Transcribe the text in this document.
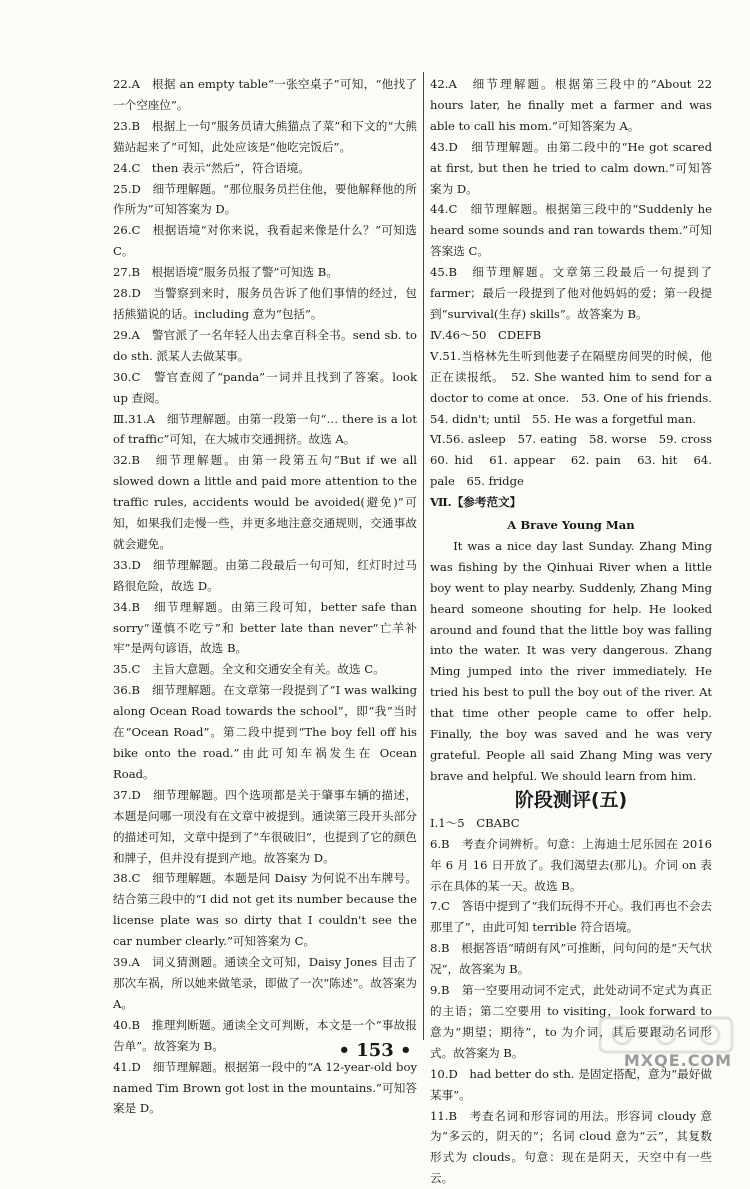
22.A　根据 an empty table“一张空桌子”可知，“他找了一个空座位”。

23.B　根据上一句“服务员请大熊猫点了菜”和下文的“大熊猫站起来了”可知，此处应该是“他吃完饭后”。

24.C　then 表示“然后”，符合语境。

25.D　细节理解题。“那位服务员拦住他，要他解释他的所作所为”可知答案为 D。

26.C　根据语境“对你来说，我看起来像是什么？”可知选 C。

27.B　根据语境“服务员报了警”可知选 B。

28.D　当警察到来时，服务员告诉了他们事情的经过，包括熊猫说的话。including 意为“包括”。

29.A　警官派了一名年轻人出去拿百科全书。send sb. to do sth. 派某人去做某事。

30.C　警官查阅了“panda”一词并且找到了答案。look up 查阅。

Ⅲ.31.A　细节理解题。由第一段第一句“… there is a lot of traffic”可知，在大城市交通拥挤。故选 A。

32.B　细节理解题。由第一段第五句“But if we all slowed down a little and paid more attention to the traffic rules, accidents would be avoided(避免)”可知，如果我们走慢一些，并更多地注意交通规则，交通事故就会避免。

33.D　细节理解题。由第二段最后一句可知，红灯时过马路很危险，故选 D。

34.B　细节理解题。由第三段可知，better safe than sorry“谨慎不吃亏”和 better late than never“亡羊补牢”是两句谚语，故选 B。

35.C　主旨大意题。全文和交通安全有关。故选 C。

36.B　细节理解题。在文章第一段提到了“I was walking along Ocean Road towards the school”，即“我”当时在“Ocean Road”。第二段中提到“The boy fell off his bike onto the road.”由此可知车祸发生在 Ocean Road。

37.D　细节理解题。四个选项都是关于肇事车辆的描述，本题是问哪一项没有在文章中被提到。通读第三段开头部分的描述可知，文章中提到了“车很破旧”，也提到了它的颜色和牌子，但并没有提到产地。故答案为 D。

38.C　细节理解题。本题是问 Daisy 为何说不出车牌号。结合第三段中的“I did not get its number because the license plate was so dirty that I couldn't see the car number clearly.”可知答案为 C。

39.A　词义猜测题。通读全文可知，Daisy Jones 目击了那次车祸，所以她来做笔录，即做了一次“陈述”。故答案为 A。

40.B　推理判断题。通读全文可判断，本文是一个“事故报告单”。故答案为 B。

41.D　细节理解题。根据第一段中的“A 12-year-old boy named Tim Brown got lost in the mountains.”可知答案是 D。

42.A　细节理解题。根据第三段中的“About 22 hours later, he finally met a farmer and was able to call his mom.”可知答案为 A。

43.D　细节理解题。由第二段中的“He got scared at first, but then he tried to calm down.”可知答案为 D。

44.C　细节理解题。根据第三段中的“Suddenly he heard some sounds and ran towards them.”可知答案选 C。

45.B　细节理解题。文章第三段最后一句提到了 farmer；最后一段提到了他对他妈妈的爱；第一段提到“survival(生存) skills”。故答案为 B。

Ⅳ.46～50　CDEFB

Ⅴ.51.当格林先生听到他妻子在隔壁房间哭的时候，他正在读报纸。　52. She wanted him to send for a doctor to come at once.　53. One of his friends.　54. didn't; until　55. He was a forgetful man.

Ⅵ.56. asleep　57. eating　58. worse　59. cross　60. hid　61. appear　62. pain　63. hit　64. pale　65. fridge

Ⅶ.【参考范文】

A Brave Young Man

It was a nice day last Sunday. Zhang Ming was fishing by the Qinhuai River when a little boy went to play nearby. Suddenly, Zhang Ming heard someone shouting for help. He looked around and found that the little boy was falling into the water. It was very dangerous. Zhang Ming jumped into the river immediately. He tried his best to pull the boy out of the river. At that time other people came to offer help. Finally, the boy was saved and he was very grateful. People all said Zhang Ming was very brave and helpful. We should learn from him.

阶段测评(五)

Ⅰ.1～5　CBABC

6.B　考查介词辨析。句意：上海迪士尼乐园在 2016 年 6 月 16 日开放了。我们渴望去(那儿)。介词 on 表示在具体的某一天。故选 B。

7.C　答语中提到了“我们玩得不开心。我们再也不会去那里了”，由此可知 terrible 符合语境。

8.B　根据答语“晴朗有风”可推断，问句问的是“天气状况”，故答案为 B。

9.B　第一空要用动词不定式，此处动词不定式为真正的主语；第二空要用 to visiting，look forward to 意为“期望；期待”，to 为介词，其后要跟动名词形式。故答案为 B。

10.D　had better do sth. 是固定搭配，意为“最好做某事”。

11.B　考查名词和形容词的用法。形容词 cloudy 意为“多云的，阴天的”；名词 cloud 意为“云”，其复数形式为 clouds。句意：现在是阴天，天空中有一些云。

• 153 •	MXQE.COM
